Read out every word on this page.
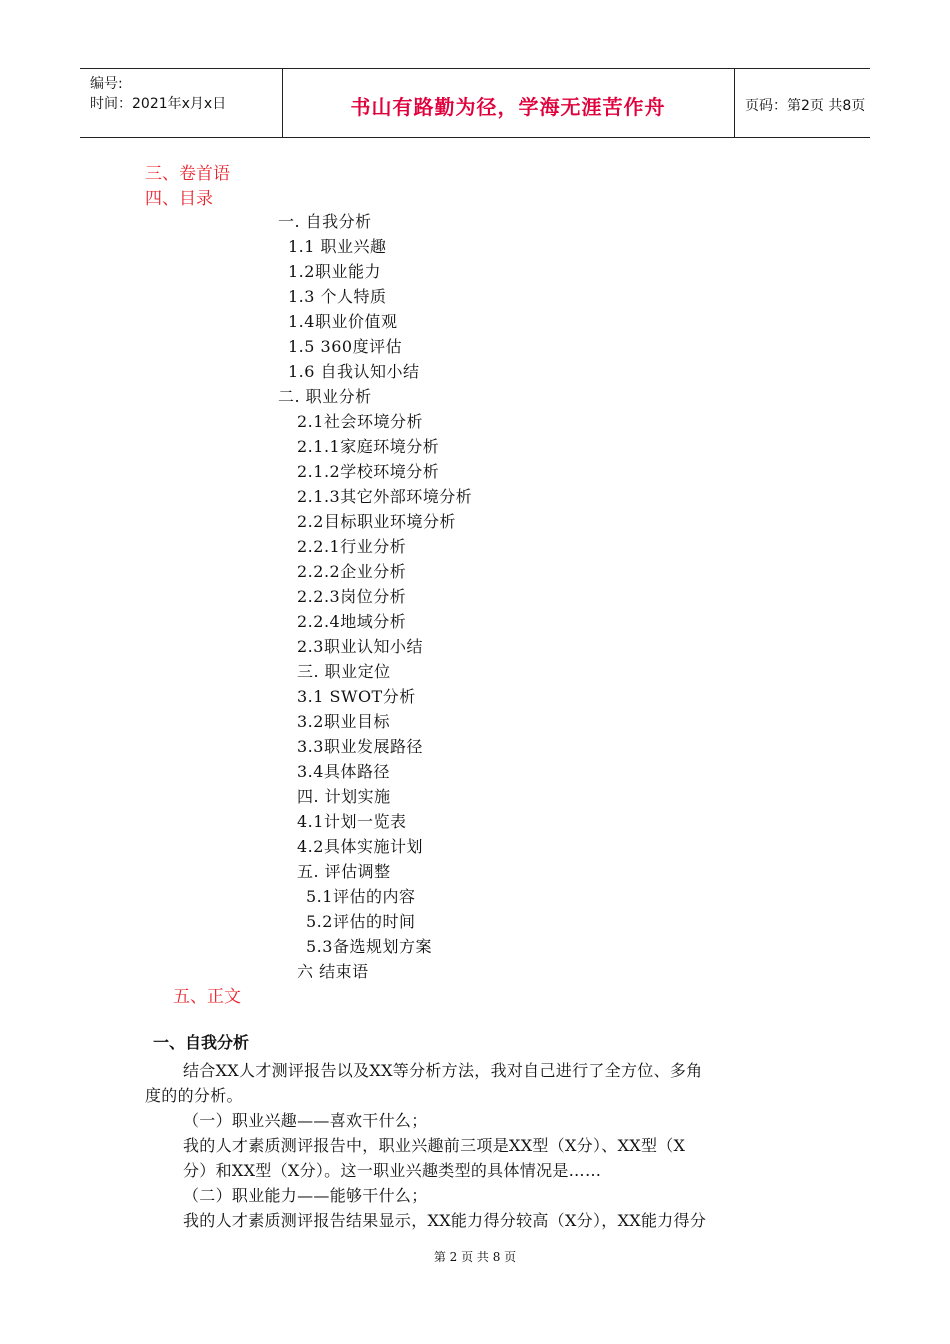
编号:
时间：2021年x月x日	书山有路勤为径，学海无涯苦作舟	页码：第2页 共8页
三、卷首语
四、目录
一. 自我分析
1.1 职业兴趣
1.2职业能力
1.3 个人特质
1.4职业价值观
1.5 360度评估
1.6 自我认知小结
二. 职业分析
2.1社会环境分析
2.1.1家庭环境分析
2.1.2学校环境分析
2.1.3其它外部环境分析
2.2目标职业环境分析
2.2.1行业分析
2.2.2企业分析
2.2.3岗位分析
2.2.4地域分析
2.3职业认知小结
三. 职业定位
3.1 SWOT分析
3.2职业目标
3.3职业发展路径
3.4具体路径
四. 计划实施
4.1计划一览表
4.2具体实施计划
五. 评估调整
5.1评估的内容
5.2评估的时间
5.3备选规划方案
六 结束语
五、正文
一、自我分析
结合XX人才测评报告以及XX等分析方法，我对自己进行了全方位、多角
度的的分析。
（一）职业兴趣——喜欢干什么；
我的人才素质测评报告中，职业兴趣前三项是XX型（X分）、XX型（X
分）和XX型（X分）。这一职业兴趣类型的具体情况是……
（二）职业能力——能够干什么；
我的人才素质测评报告结果显示，XX能力得分较高（X分），XX能力得分
第 2 页 共 8 页
